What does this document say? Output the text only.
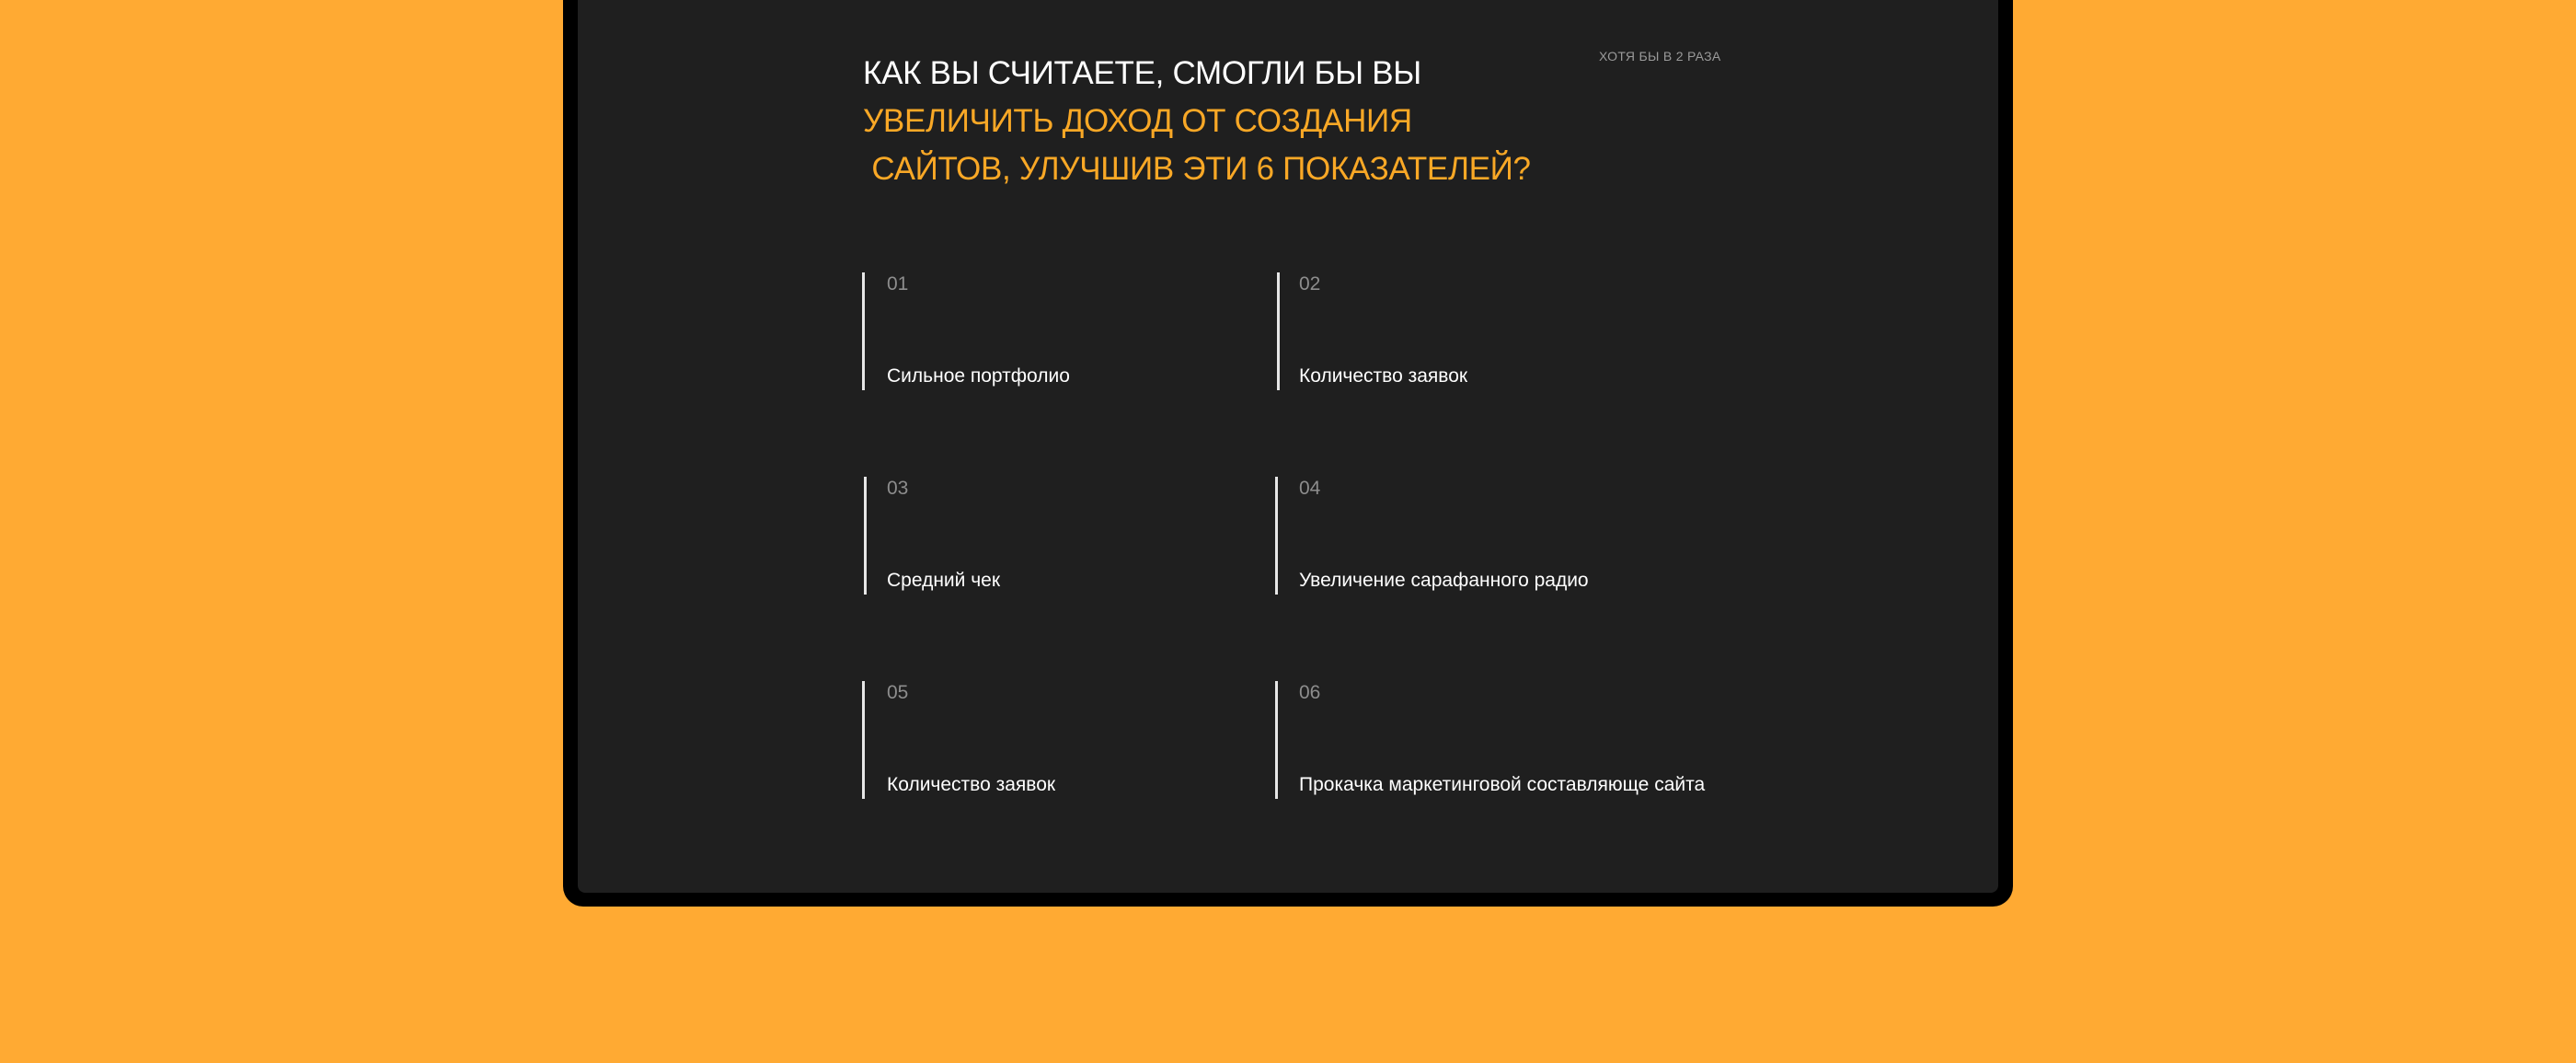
КАК ВЫ СЧИТАЕТЕ, СМОГЛИ БЫ ВЫ
УВЕЛИЧИТЬ ДОХОД ОТ СОЗДАНИЯ
САЙТОВ, УЛУЧШИВ ЭТИ 6 ПОКАЗАТЕЛЕЙ?
ХОТЯ БЫ В 2 РАЗА
01
Сильное портфолио
02
Количество заявок
03
Средний чек
04
Увеличение сарафанного радио
05
Количество заявок
06
Прокачка маркетинговой составляюще сайта
